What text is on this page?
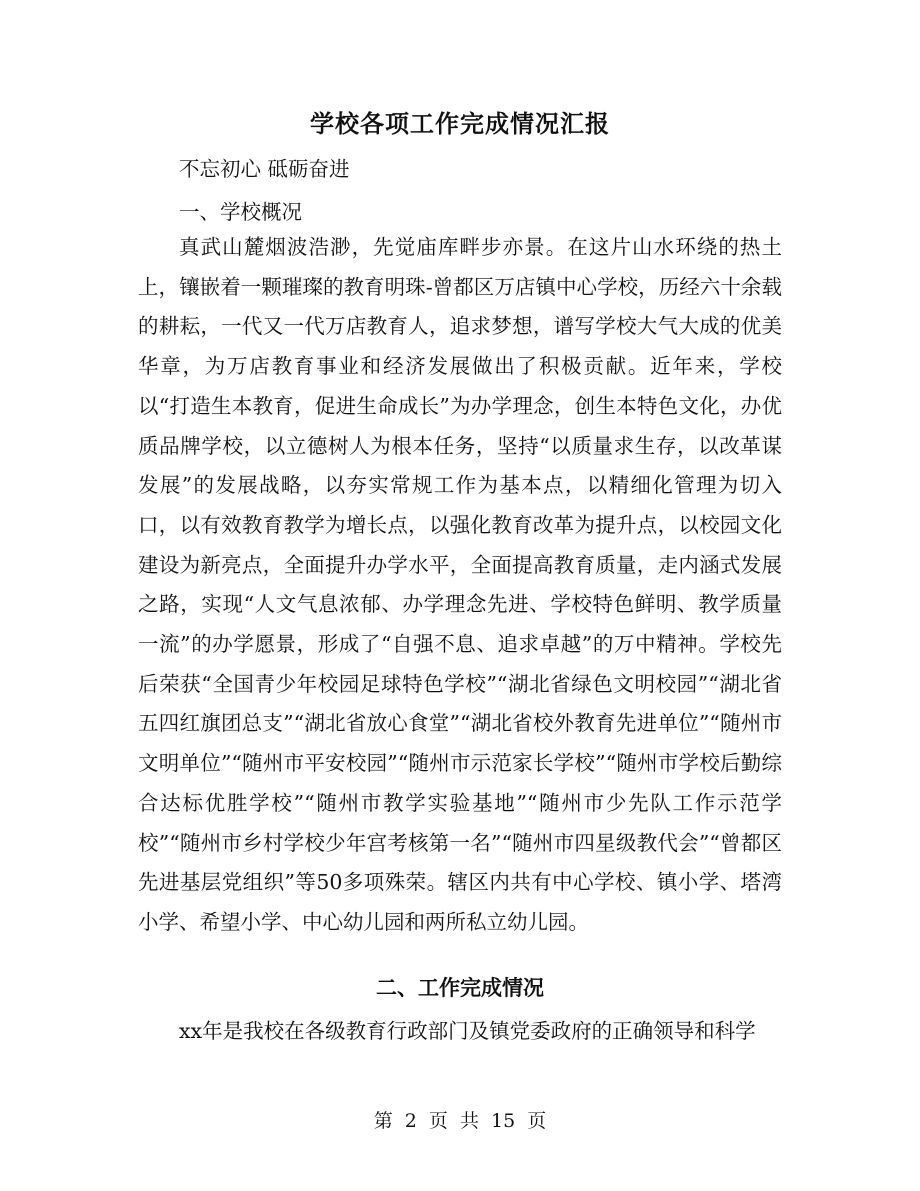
学校各项工作完成情况汇报

不忘初心 砥砺奋进

一、学校概况

真武山麓烟波浩渺，先觉庙库畔步亦景。在这片山水环绕的热土上，镶嵌着一颗璀璨的教育明珠-曾都区万店镇中心学校，历经六十余载的耕耘，一代又一代万店教育人，追求梦想，谱写学校大气大成的优美华章，为万店教育事业和经济发展做出了积极贡献。近年来，学校以“打造生本教育，促进生命成长”为办学理念，创生本特色文化，办优质品牌学校，以立德树人为根本任务，坚持“以质量求生存，以改革谋发展”的发展战略，以夯实常规工作为基本点，以精细化管理为切入口，以有效教育教学为增长点，以强化教育改革为提升点，以校园文化建设为新亮点，全面提升办学水平，全面提高教育质量，走内涵式发展之路，实现“人文气息浓郁、办学理念先进、学校特色鲜明、教学质量一流”的办学愿景，形成了“自强不息、追求卓越”的万中精神。学校先后荣获“全国青少年校园足球特色学校”“湖北省绿色文明校园”“湖北省五四红旗团总支”“湖北省放心食堂”“湖北省校外教育先进单位”“随州市文明单位”“随州市平安校园”“随州市示范家长学校”“随州市学校后勤综合达标优胜学校”“随州市教学实验基地”“随州市少先队工作示范学校”“随州市乡村学校少年宫考核第一名”“随州市四星级教代会”“曾都区先进基层党组织”等50多项殊荣。辖区内共有中心学校、镇小学、塔湾小学、希望小学、中心幼儿园和两所私立幼儿园。

二、工作完成情况

xx年是我校在各级教育行政部门及镇党委政府的正确领导和科学

第 2 页 共 15 页
